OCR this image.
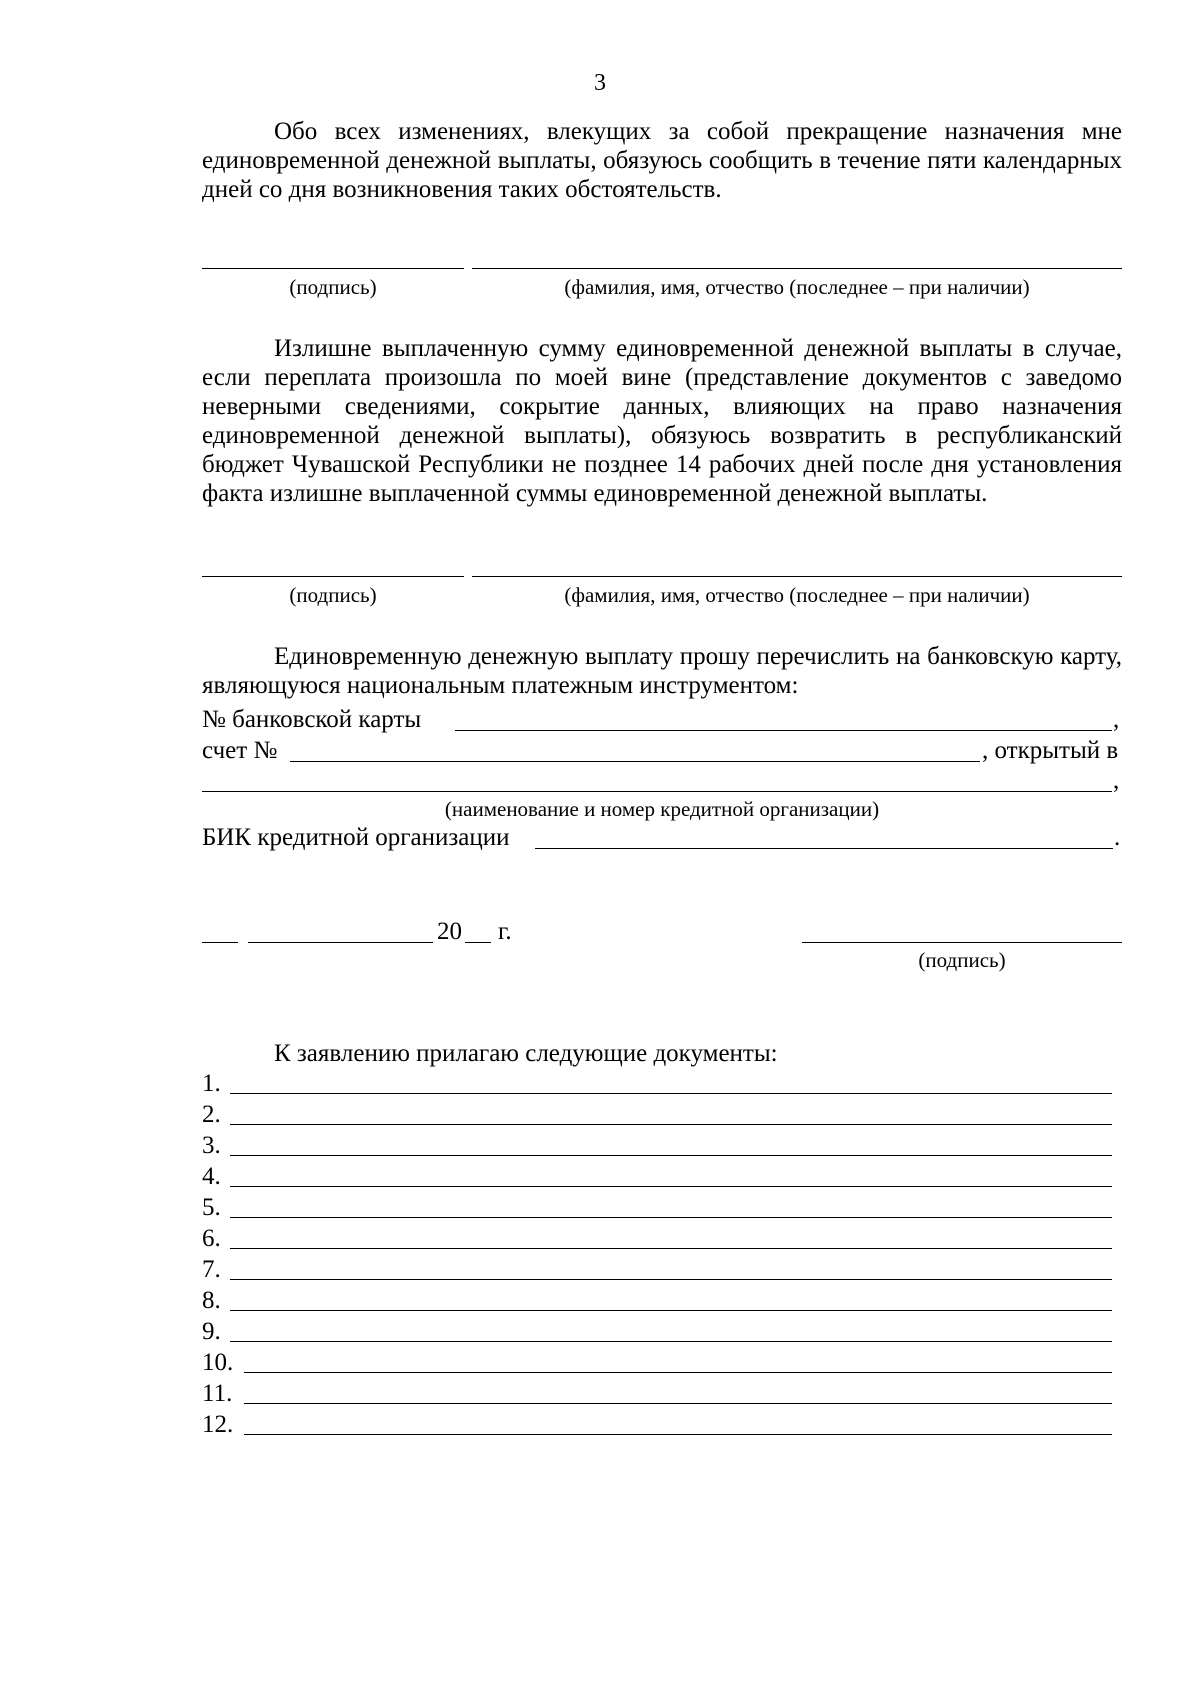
3
Обо всех изменениях, влекущих за собой прекращение назначения мне единовременной денежной выплаты, обязуюсь сообщить в течение пяти календарных дней со дня возникновения таких обстоятельств.
(подпись)	(фамилия, имя, отчество (последнее – при наличии)
Излишне выплаченную сумму единовременной денежной выплаты в случае, если переплата произошла по моей вине (представление документов с заведомо неверными сведениями, сокрытие данных, влияющих на право назначения единовременной денежной выплаты), обязуюсь возвратить в республиканский бюджет Чувашской Республики не позднее 14 рабочих дней после дня установления факта излишне выплаченной суммы единовременной денежной выплаты.
(подпись)	(фамилия, имя, отчество (последнее – при наличии)
Единовременную денежную выплату прошу перечислить на банковскую карту, являющуюся национальным платежным инструментом:
№ банковской карты	,
счет №	, открытый в
,
(наименование и номер кредитной организации)
БИК кредитной организации	.
20 г.
(подпись)
К заявлению прилагаю следующие документы:
1.
2.
3.
4.
5.
6.
7.
8.
9.
10.
11.
12.
